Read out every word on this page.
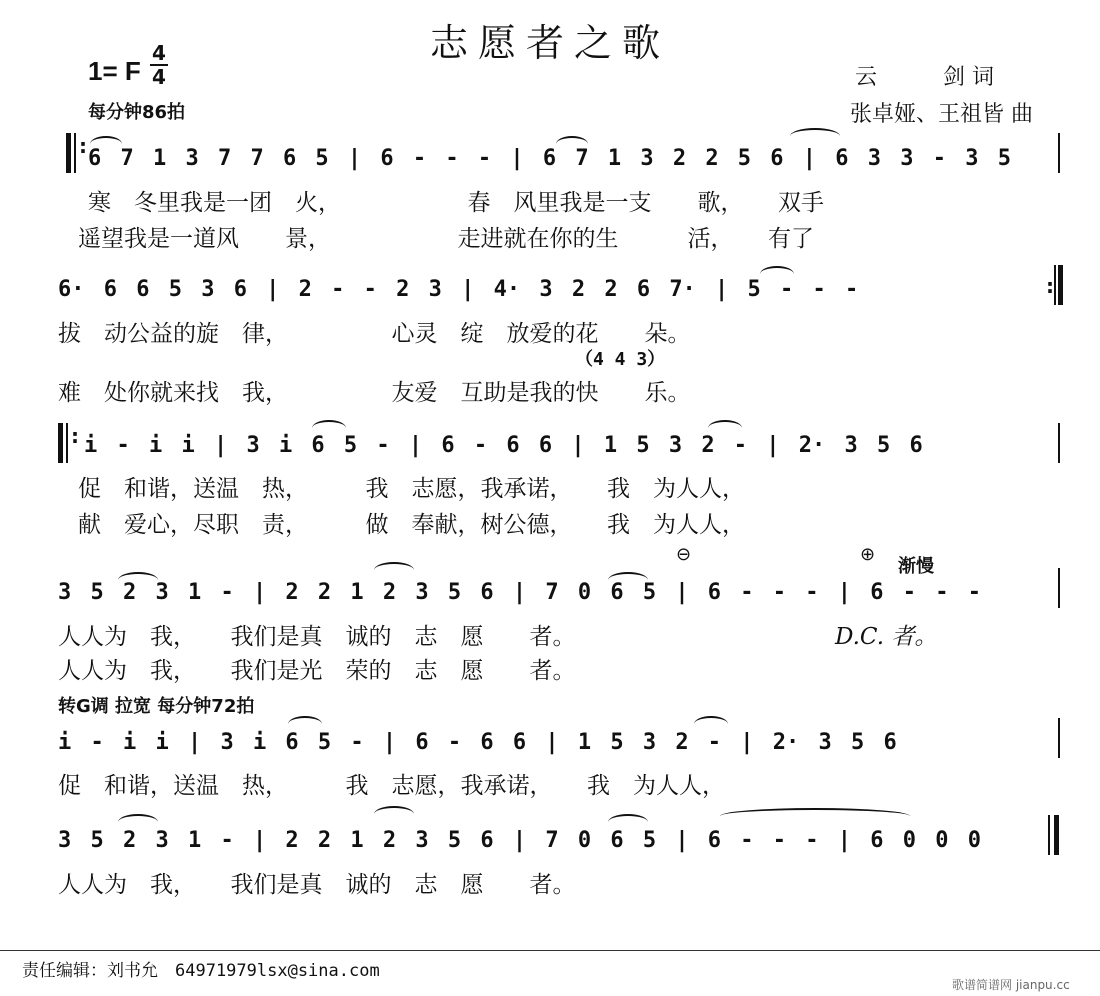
志愿者之歌
1= F
4
4
每分钟86拍
云　　　剑 词
张卓娅、王祖皆 曲
: 6 7 1 3 7 7 6 5 | 6 - - - | 6 7 1 3 2 2 5 6 | 6 3 3 - 3 5
寒　冬里我是一团　火，　　　　　　春　风里我是一支　　歌，　　双手
遥望我是一道风　　景，　　　　　　走进就在你的生　　　活，　　有了
6· 6 6 5 3 6 | 2 - - 2 3 | 4· 3 2 2 6 7· | 5 - - -	:
拔　动公益的旋　律，　　　　　心灵　绽　放爱的花　　朵。
（4 4 3）
难　处你就来找　我，　　　　　友爱　互助是我的快　　乐。
: i - i i | 3 i 6 5 - | 6 - 6 6 | 1 5 3 2 - | 2· 3 5 6
促　和谐，送温　热，　　　我　志愿，我承诺，　　我　为人人，
献　爱心，尽职　责，　　　做　奉献，树公德，　　我　为人人，
⊖	⊕
渐慢
3 5 2 3 1 - | 2 2 1 2 3 5 6 | 7 0 6 5 | 6 - - - | 6 - - -
人人为　我，　　我们是真　诚的　志　愿　　者。	D.C. 者。
人人为　我，　　我们是光　荣的　志　愿　　者。
转G调 拉宽 每分钟72拍
i - i i | 3 i 6 5 - | 6 - 6 6 | 1 5 3 2 - | 2· 3 5 6
促　和谐，送温　热，　　　我　志愿，我承诺，　　我　为人人，
3 5 2 3 1 - | 2 2 1 2 3 5 6 | 7 0 6 5 | 6 - - - | 6 0 0 0
人人为　我，　　我们是真　诚的　志　愿　　者。
责任编辑：刘书允　64971979lsx@sina.com
歌谱简谱网 jianpu.cc
